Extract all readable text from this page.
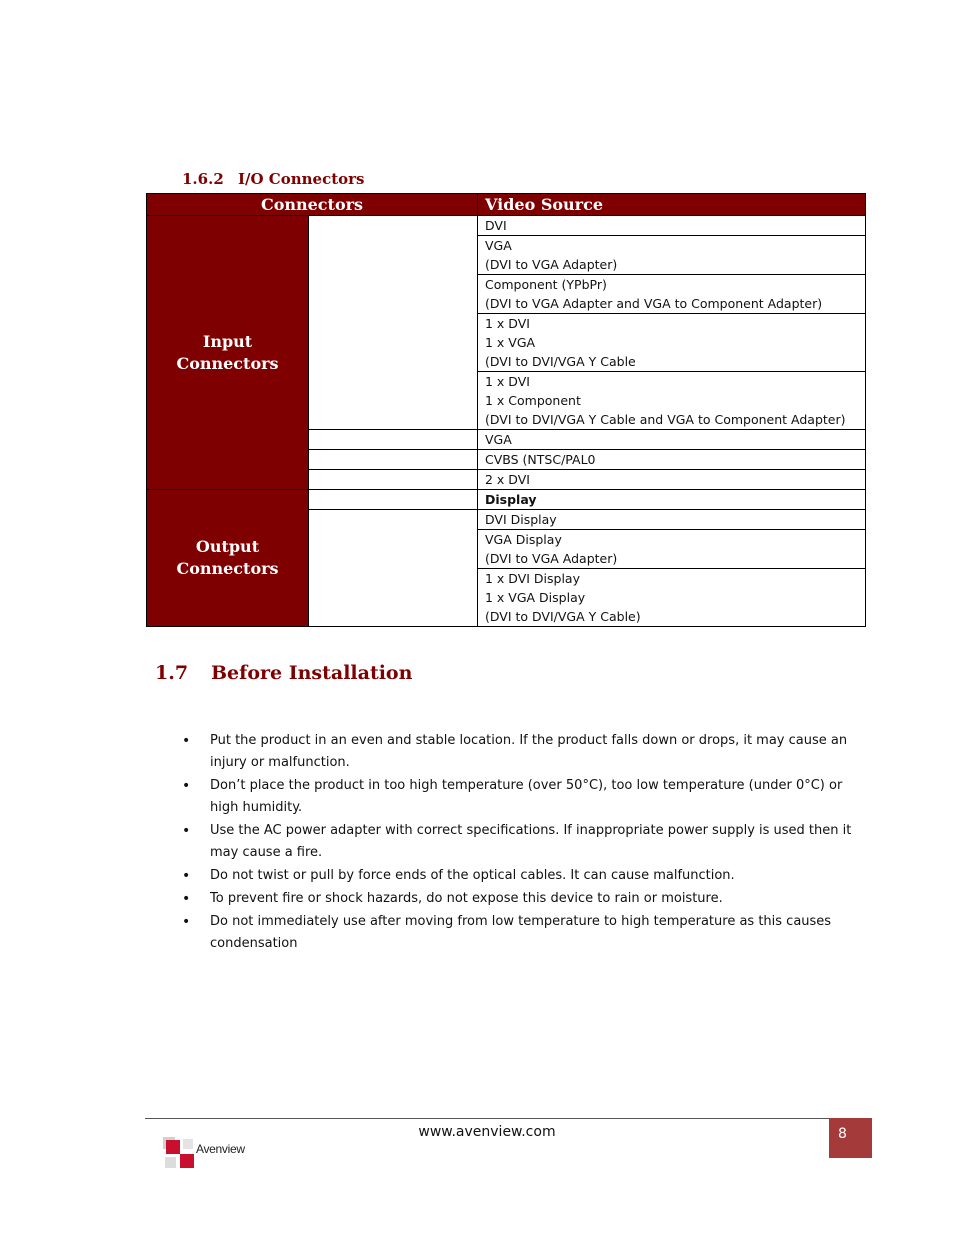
1.6.2 I/O Connectors
Connectors		Video Source

Input
Connectors		DVI

		VGA
(DVI to VGA Adapter)

		Component (YPbPr)
(DVI to VGA Adapter and VGA to Component Adapter)

		1 x DVI
1 x VGA
(DVI to DVI/VGA Y Cable

		1 x DVI
1 x Component
(DVI to DVI/VGA Y Cable and VGA to Component Adapter)

		VGA

		CVBS (NTSC/PAL0

		2 x DVI

Output
Connectors		Display

		DVI Display

		VGA Display
(DVI to VGA Adapter)

		1 x DVI Display
1 x VGA Display
(DVI to DVI/VGA Y Cable)
1.7 Before Installation
• Put the product in an even and stable location. If the product falls down or drops, it may cause an injury or malfunction.
• Don’t place the product in too high temperature (over 50°C), too low temperature (under 0°C) or high humidity.
• Use the AC power adapter with correct specifications. If inappropriate power supply is used then it may cause a fire.
• Do not twist or pull by force ends of the optical cables. It can cause malfunction.
• To prevent fire or shock hazards, do not expose this device to rain or moisture.
• Do not immediately use after moving from low temperature to high temperature as this causes condensation
www.avenview.com	8
Avenview
